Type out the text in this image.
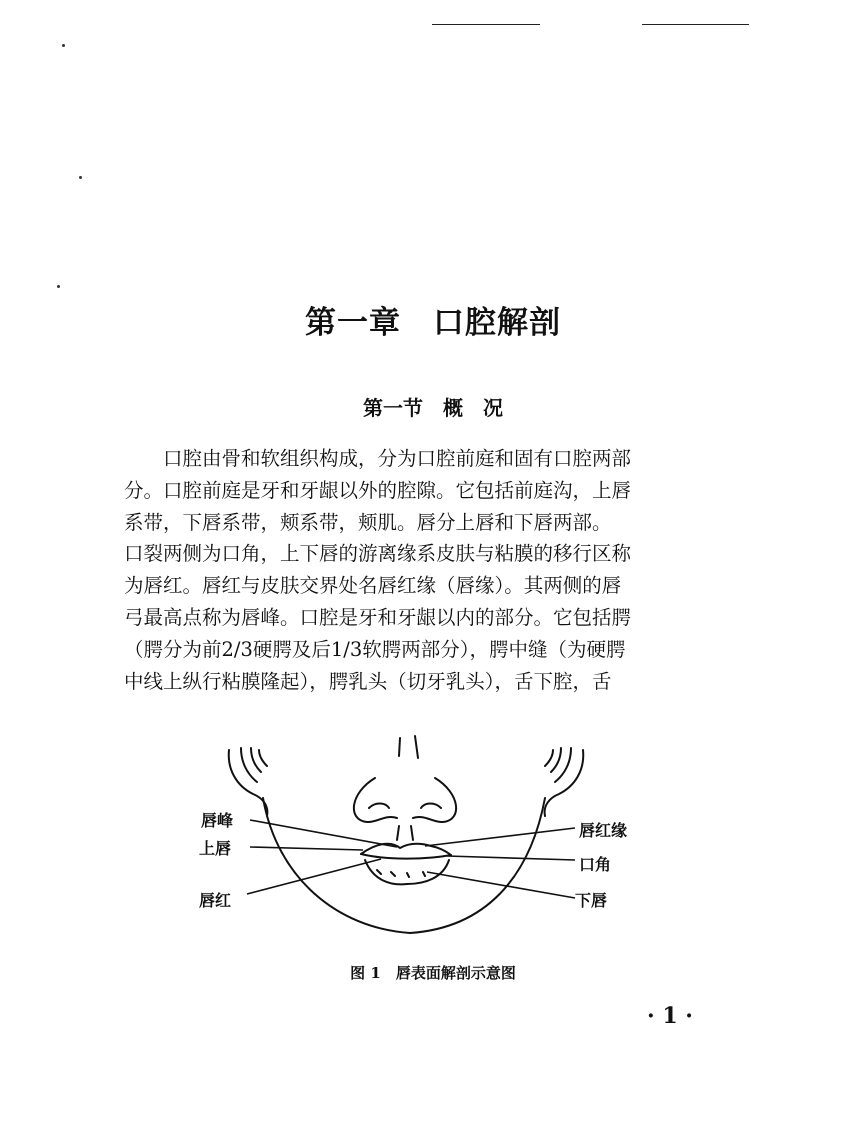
第一章　口腔解剖
第一节　概　况

口腔由骨和软组织构成，分为口腔前庭和固有口腔两部

分。口腔前庭是牙和牙龈以外的腔隙。它包括前庭沟，上唇

系带，下唇系带，颊系带，颊肌。唇分上唇和下唇两部。

口裂两侧为口角，上下唇的游离缘系皮肤与粘膜的移行区称

为唇红。唇红与皮肤交界处名唇红缘（唇缘）。其两侧的唇

弓最高点称为唇峰。口腔是牙和牙龈以内的部分。它包括腭

（腭分为前2/3硬腭及后1/3软腭两部分），腭中缝（为硬腭

中线上纵行粘膜隆起），腭乳头（切牙乳头），舌下腔，舌

唇峰
上唇
唇红
唇红缘
口角
下唇
图 1　唇表面解剖示意图
· 1 ·
